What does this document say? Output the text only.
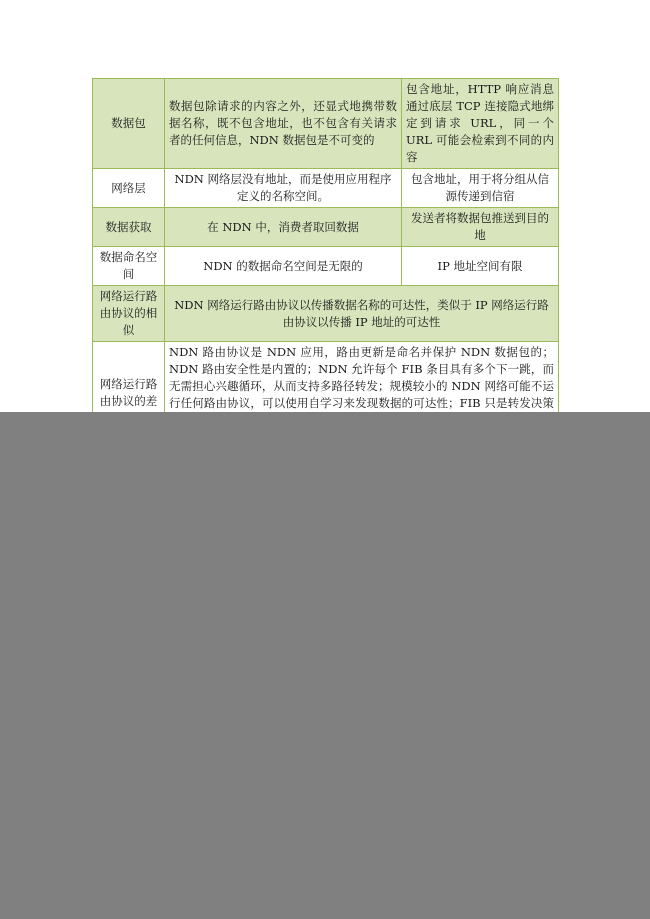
数据包	数据包除请求的内容之外，还显式地携带数据名称，既不包含地址，也不包含有关请求者的任何信息，NDN 数据包是不可变的	包含地址，HTTP 响应消息通过底层 TCP 连接隐式地绑定到请求 URL，同一个 URL 可能会检索到不同的内容
网络层	NDN 网络层没有地址，而是使用应用程序定义的名称空间。	包含地址，用于将分组从信源传递到信宿
数据获取	在 NDN 中，消费者取回数据	发送者将数据包推送到目的地
数据命名空间	NDN 的数据命名空间是无限的	IP 地址空间有限
网络运行路由协议的相似	NDN 网络运行路由协议以传播数据名称的可达性，类似于 IP 网络运行路由协议以传播 IP 地址的可达性	
网络运行路由协议的差	NDN 路由协议是 NDN 应用，路由更新是命名并保护 NDN 数据包的；NDN 路由安全性是内置的；NDN 允许每个 FIB 条目具有多个下一跳，而无需担心兴趣循环，从而支持多路径转发；规模较小的 NDN 网络可能不运行任何路由协议，可以使用自学习来发现数据的可达性；FIB 只是转发决策	
